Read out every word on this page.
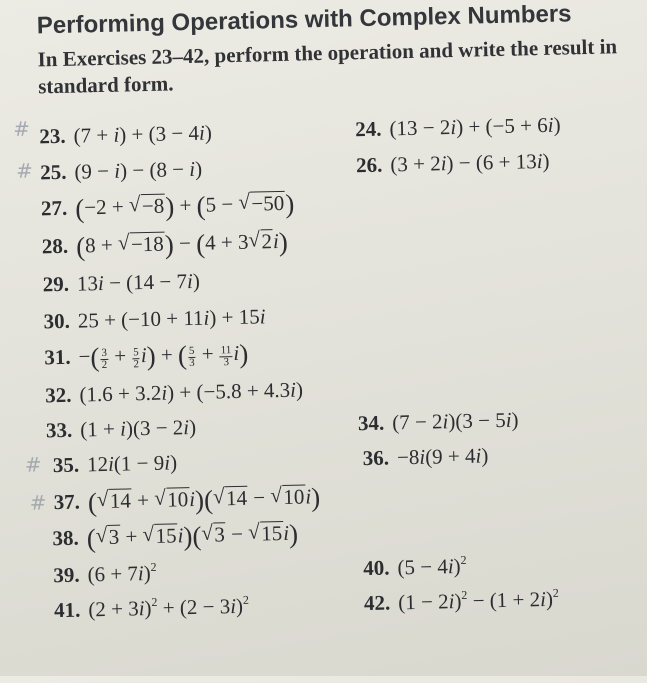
Performing Operations with Complex Numbers
In Exercises 23–42, perform the operation and write the result in standard form.
#
#
#
#
23. (7 + i) + (3 − 4i)	24. (13 − 2i) + (−5 + 6i)
25. (9 − i) − (8 − i)	26. (3 + 2i) − (6 + 13i)
27. (−2 + √ −8) + (5 − √ −50)
28. (8 + √ −18) − (4 + 3 √ 2i)
29. 13i − (14 − 7i)
30. 25 + (−10 + 11i) + 15i
31. −( $\frac{3}{2} + \frac{5}{2} i$) + ( $\frac{5}{3} + \frac{11}{3} i$)
32. (1.6 + 3.2i) + (−5.8 + 4.3i)
33. (1 + i)(3 − 2i)	34. (7 − 2i)(3 − 5i)
35. 12i(1 − 9i)	36. −8i(9 + 4i)
37. ( √ 14 + √ 10i)( √ 14 − √ 10i)
38. ( √ 3 + √ 15i)( √ 3 − √ 15i)
39. $(6 + 7i)^2$	40. $(5 - 4i)^2$
41. $(2 + 3i)^2 + (2 - 3i)^2$	42. $(1 - 2i)^2 - (1 + 2i)^2$
